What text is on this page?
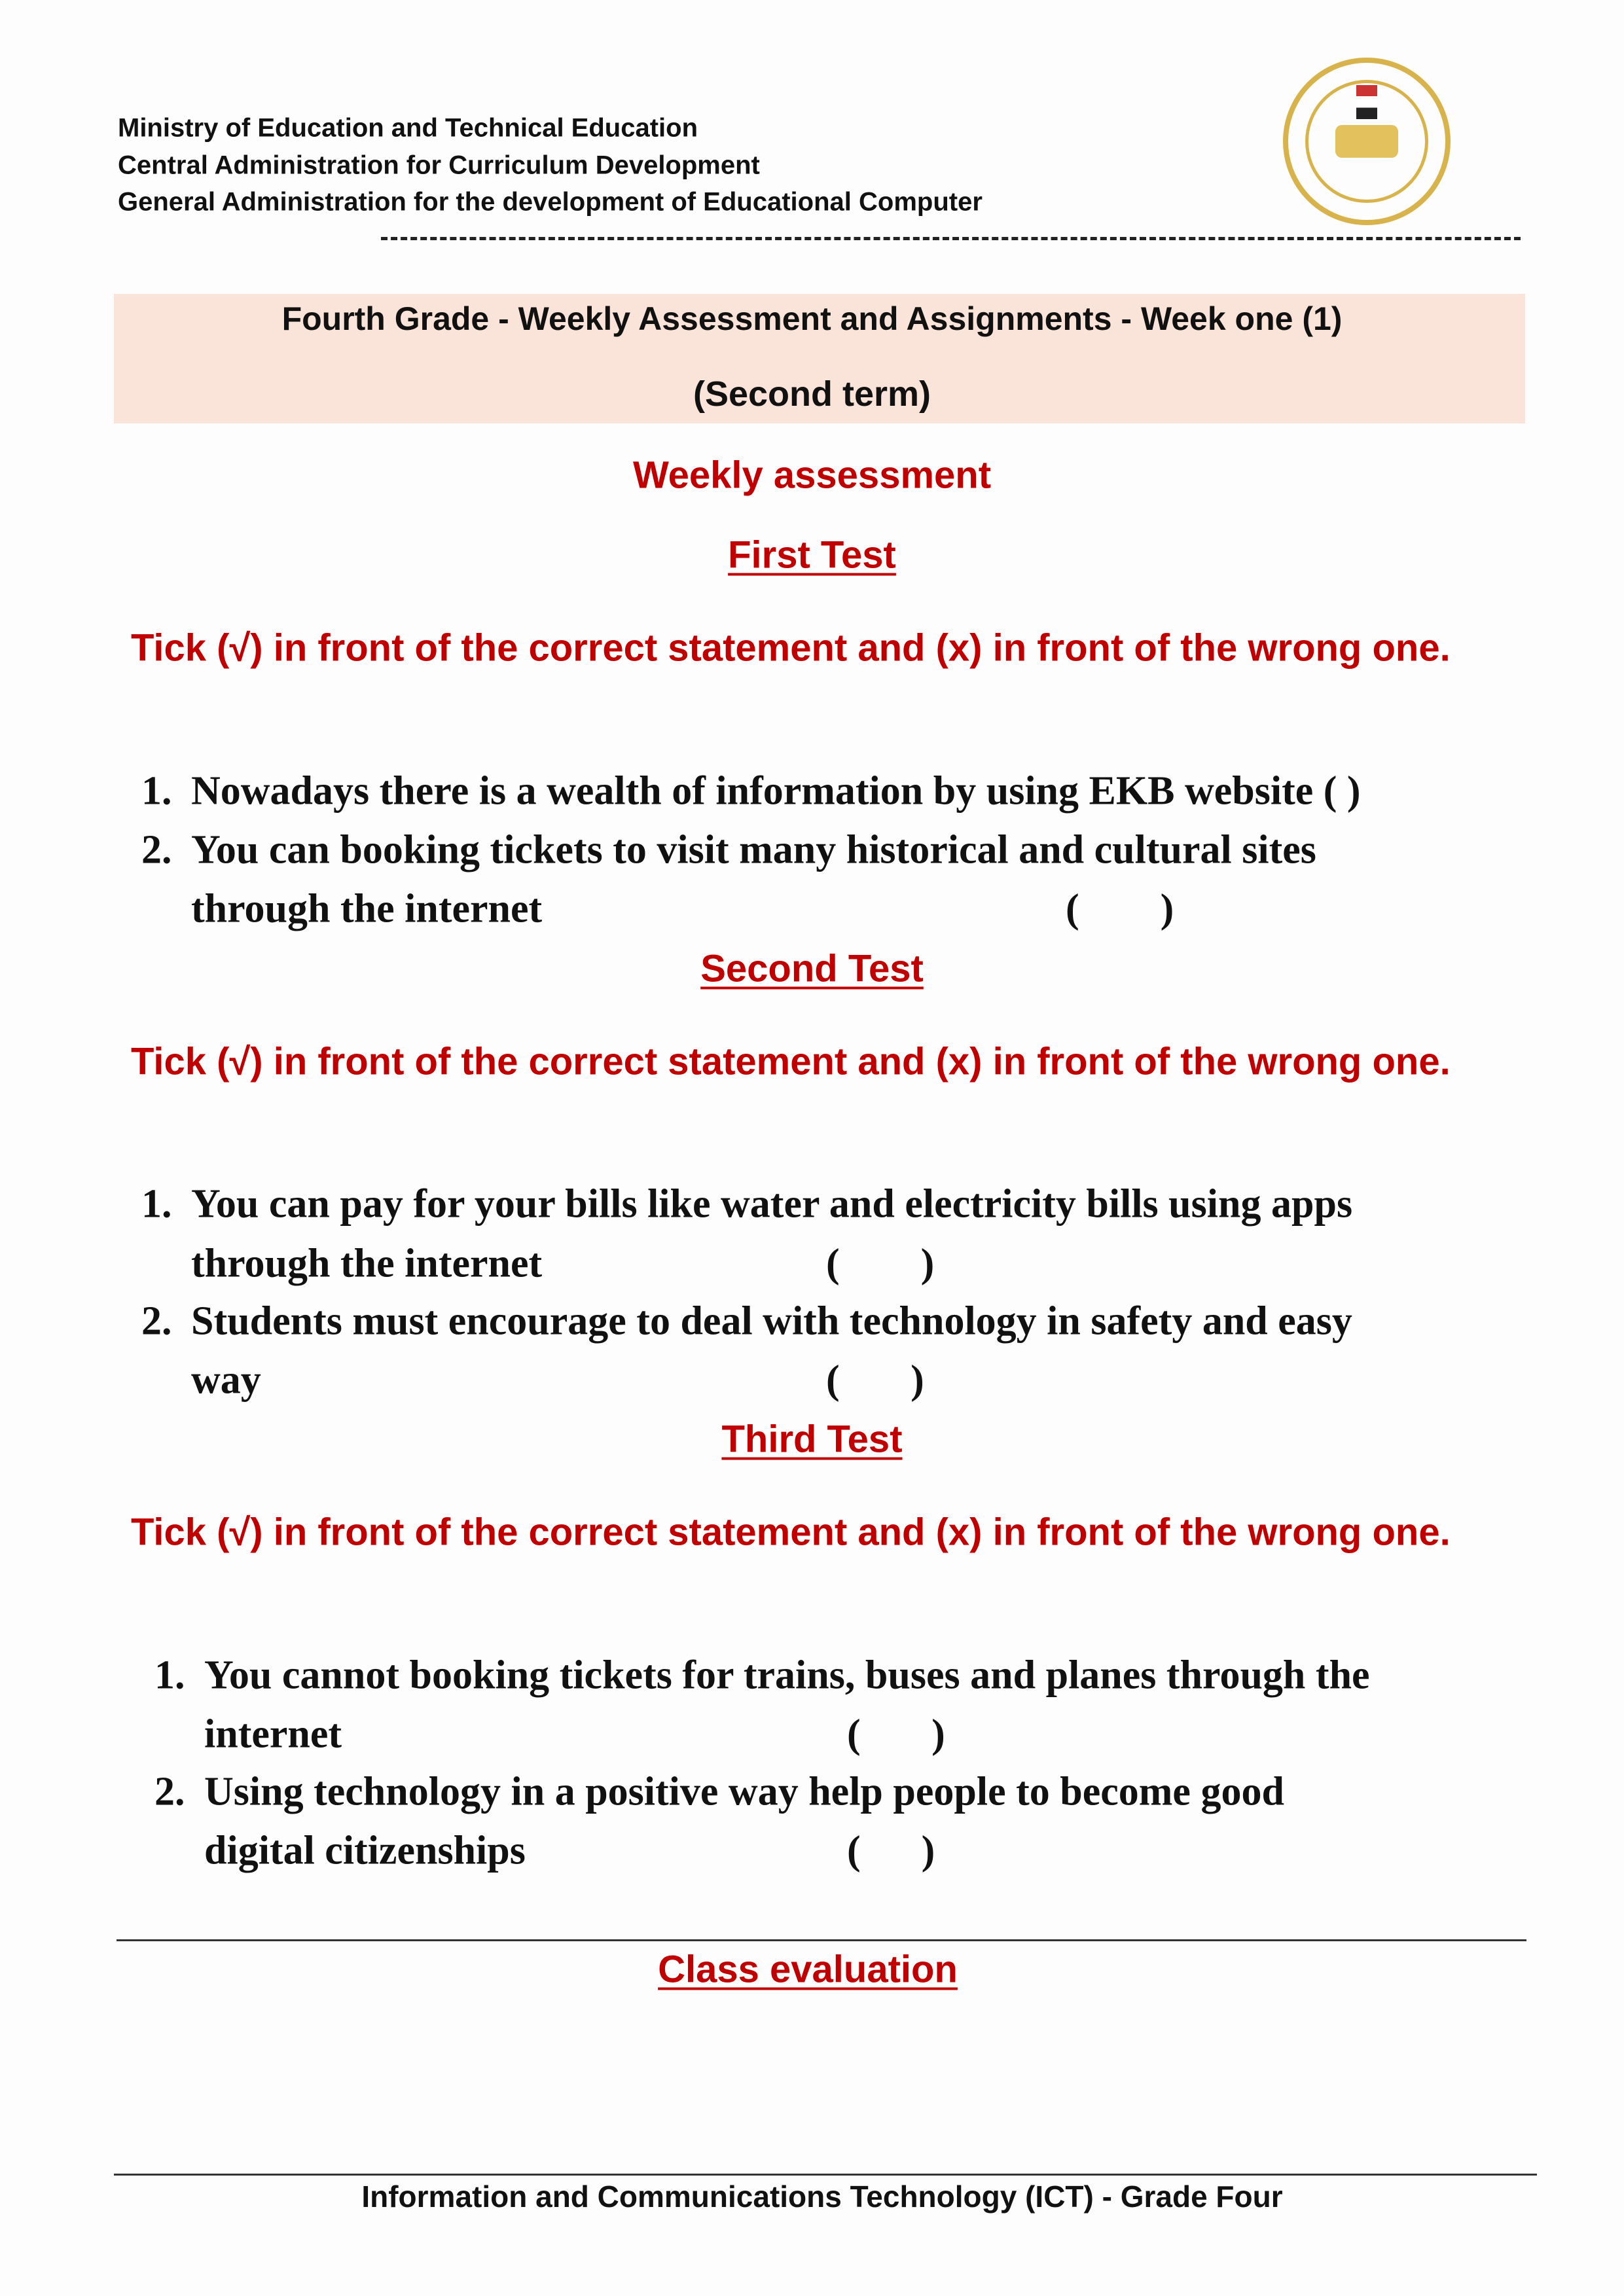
Ministry of Education and Technical Education
Central Administration for Curriculum Development
General Administration for the development of Educational Computer
Fourth Grade - Weekly Assessment and Assignments - Week one (1)
(Second term)
Weekly assessment
First Test
Tick (√) in front of the correct statement and (x) in front of the wrong one.
1. Nowadays there is a wealth of information by using EKB website ( )
2. You can booking tickets to visit many historical and cultural sites
through the internet	(        )
Second Test
Tick (√) in front of the correct statement and (x) in front of the wrong one.
1. You can pay for your bills like water and electricity bills using apps
through the internet	(        )
2. Students must encourage to deal with technology in safety and easy
way	(       )
Third Test
Tick (√) in front of the correct statement and (x) in front of the wrong one.
1. You cannot booking tickets for trains, buses and planes through the
internet	(       )
2. Using technology in a positive way help people to become good
digital citizenships	(      )
Class evaluation
Information and Communications Technology (ICT) - Grade Four
